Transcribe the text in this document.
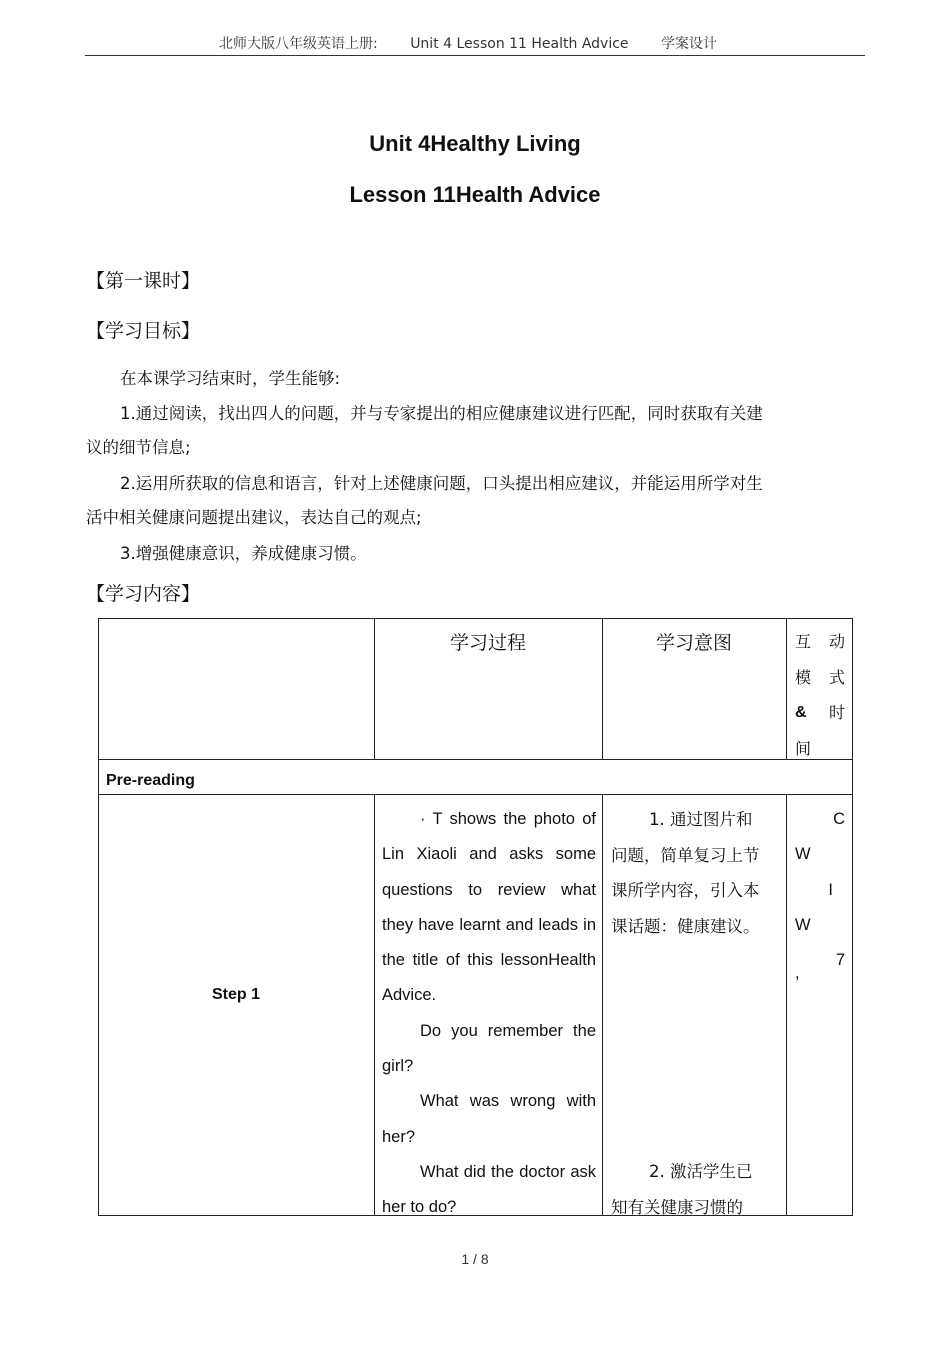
北师大版八年级英语上册: Unit 4 Lesson 11 Health Advice 学案设计
Unit 4Healthy Living
Lesson 11Health Advice
【第一课时】
【学习目标】
在本课学习结束时，学生能够:
1.通过阅读，找出四人的问题，并与专家提出的相应健康建议进行匹配，同时获取有关建
议的细节信息;
2.运用所获取的信息和语言，针对上述健康问题，口头提出相应建议，并能运用所学对生
活中相关健康问题提出建议，表达自己的观点;
3.增强健康意识，养成健康习惯。
【学习内容】
学习过程	学习意图	互 动
模 式
& 时
间
Pre-reading
Step 1

· T shows the photo of Lin Xiaoli and asks some questions to review what they have learnt and leads in the title of this lessonHealth Advice.

Do you remember the girl?

What was wrong with her?

What did the doctor ask her to do?

1. 通过图片和
问题，简单复习上节
课所学内容，引入本
课话题：健康建议。
2. 激活学生已
知有关健康习惯的
C
W
I
W
7
,
1 / 8
